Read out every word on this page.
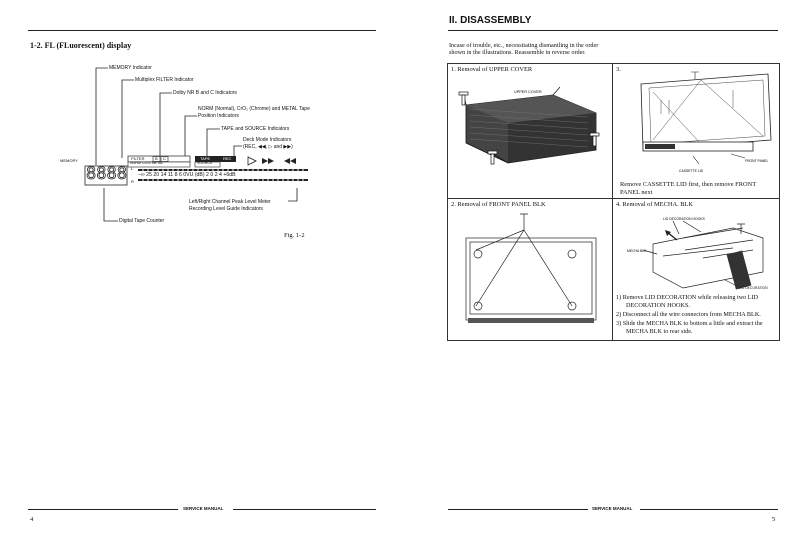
1-2. FL (FLuorescent) display
MEMORY Indicator
Multiplex FILTER Indicator
Dolby NR B and C Indicators
NORM (Normal), CrO₂ (Chrome) and METAL Tape
Position Indicators
TAPE and SOURCE Indicators
Deck Mode Indicators
(REC, ◀◀, ▷ and ▶▶)
MEMORY	FILTER	B C
NORM CrO2 METAL
TAPE	REC
SOURCE
8888 L
R
−∞ 25 20 14 11 8 6 0VU (dB) 2 0 2 4 +6dB
Left/Right Channel Peak Level Meter
Recording Level Guide Indicators
Digital Tape Counter
Fig. 1-2
SERVICE MANUAL
4
II. DISASSEMBLY
Incase of trouble, etc., necessitating dismantling in the order
shown in the illustrations. Reassemble in reverse order.
1. Removal of UPPER COVER	3.
2. Removal of FRONT PANEL BLK	4. Removal of MECHA. BLK
UPPER COVER
FRONT PANEL
CASSETTE LID
Remove CASSETTE LID first, then remove FRONT
PANEL next
LID DECORATION HOOKS
MECHA BLK
LID DECORATION
1) Remove LID DECORATION while releasing two LID
DECORATION HOOKS.
2) Disconnect all the wire connectors from MECHA BLK.
3) Slide the MECHA BLK to bottom a little and extract the
MECHA BLK to rear side.
SERVICE MANUAL
5
